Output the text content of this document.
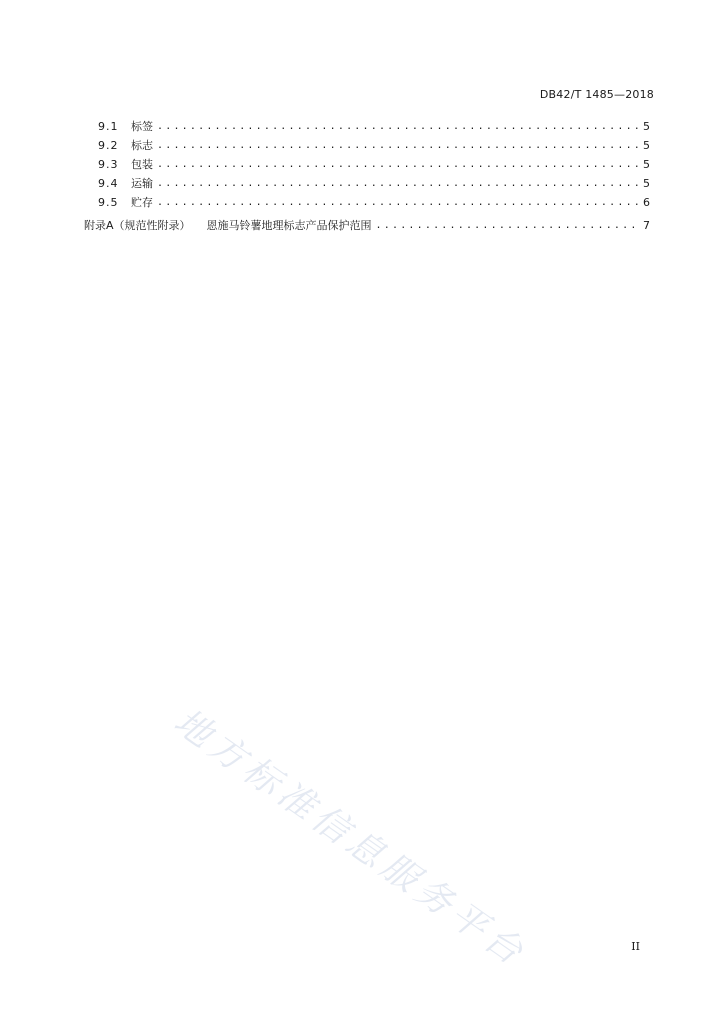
DB42/T 1485—2018
9.1	标签 .....	5
9.2	标志 .....	5
9.3	包装 .....	5
9.4	运输 .....	5
9.5	贮存 .....	6
附录A（规范性附录） 恩施马铃薯地理标志产品保护范围 .....	7
地方标准信息服务平台	II
